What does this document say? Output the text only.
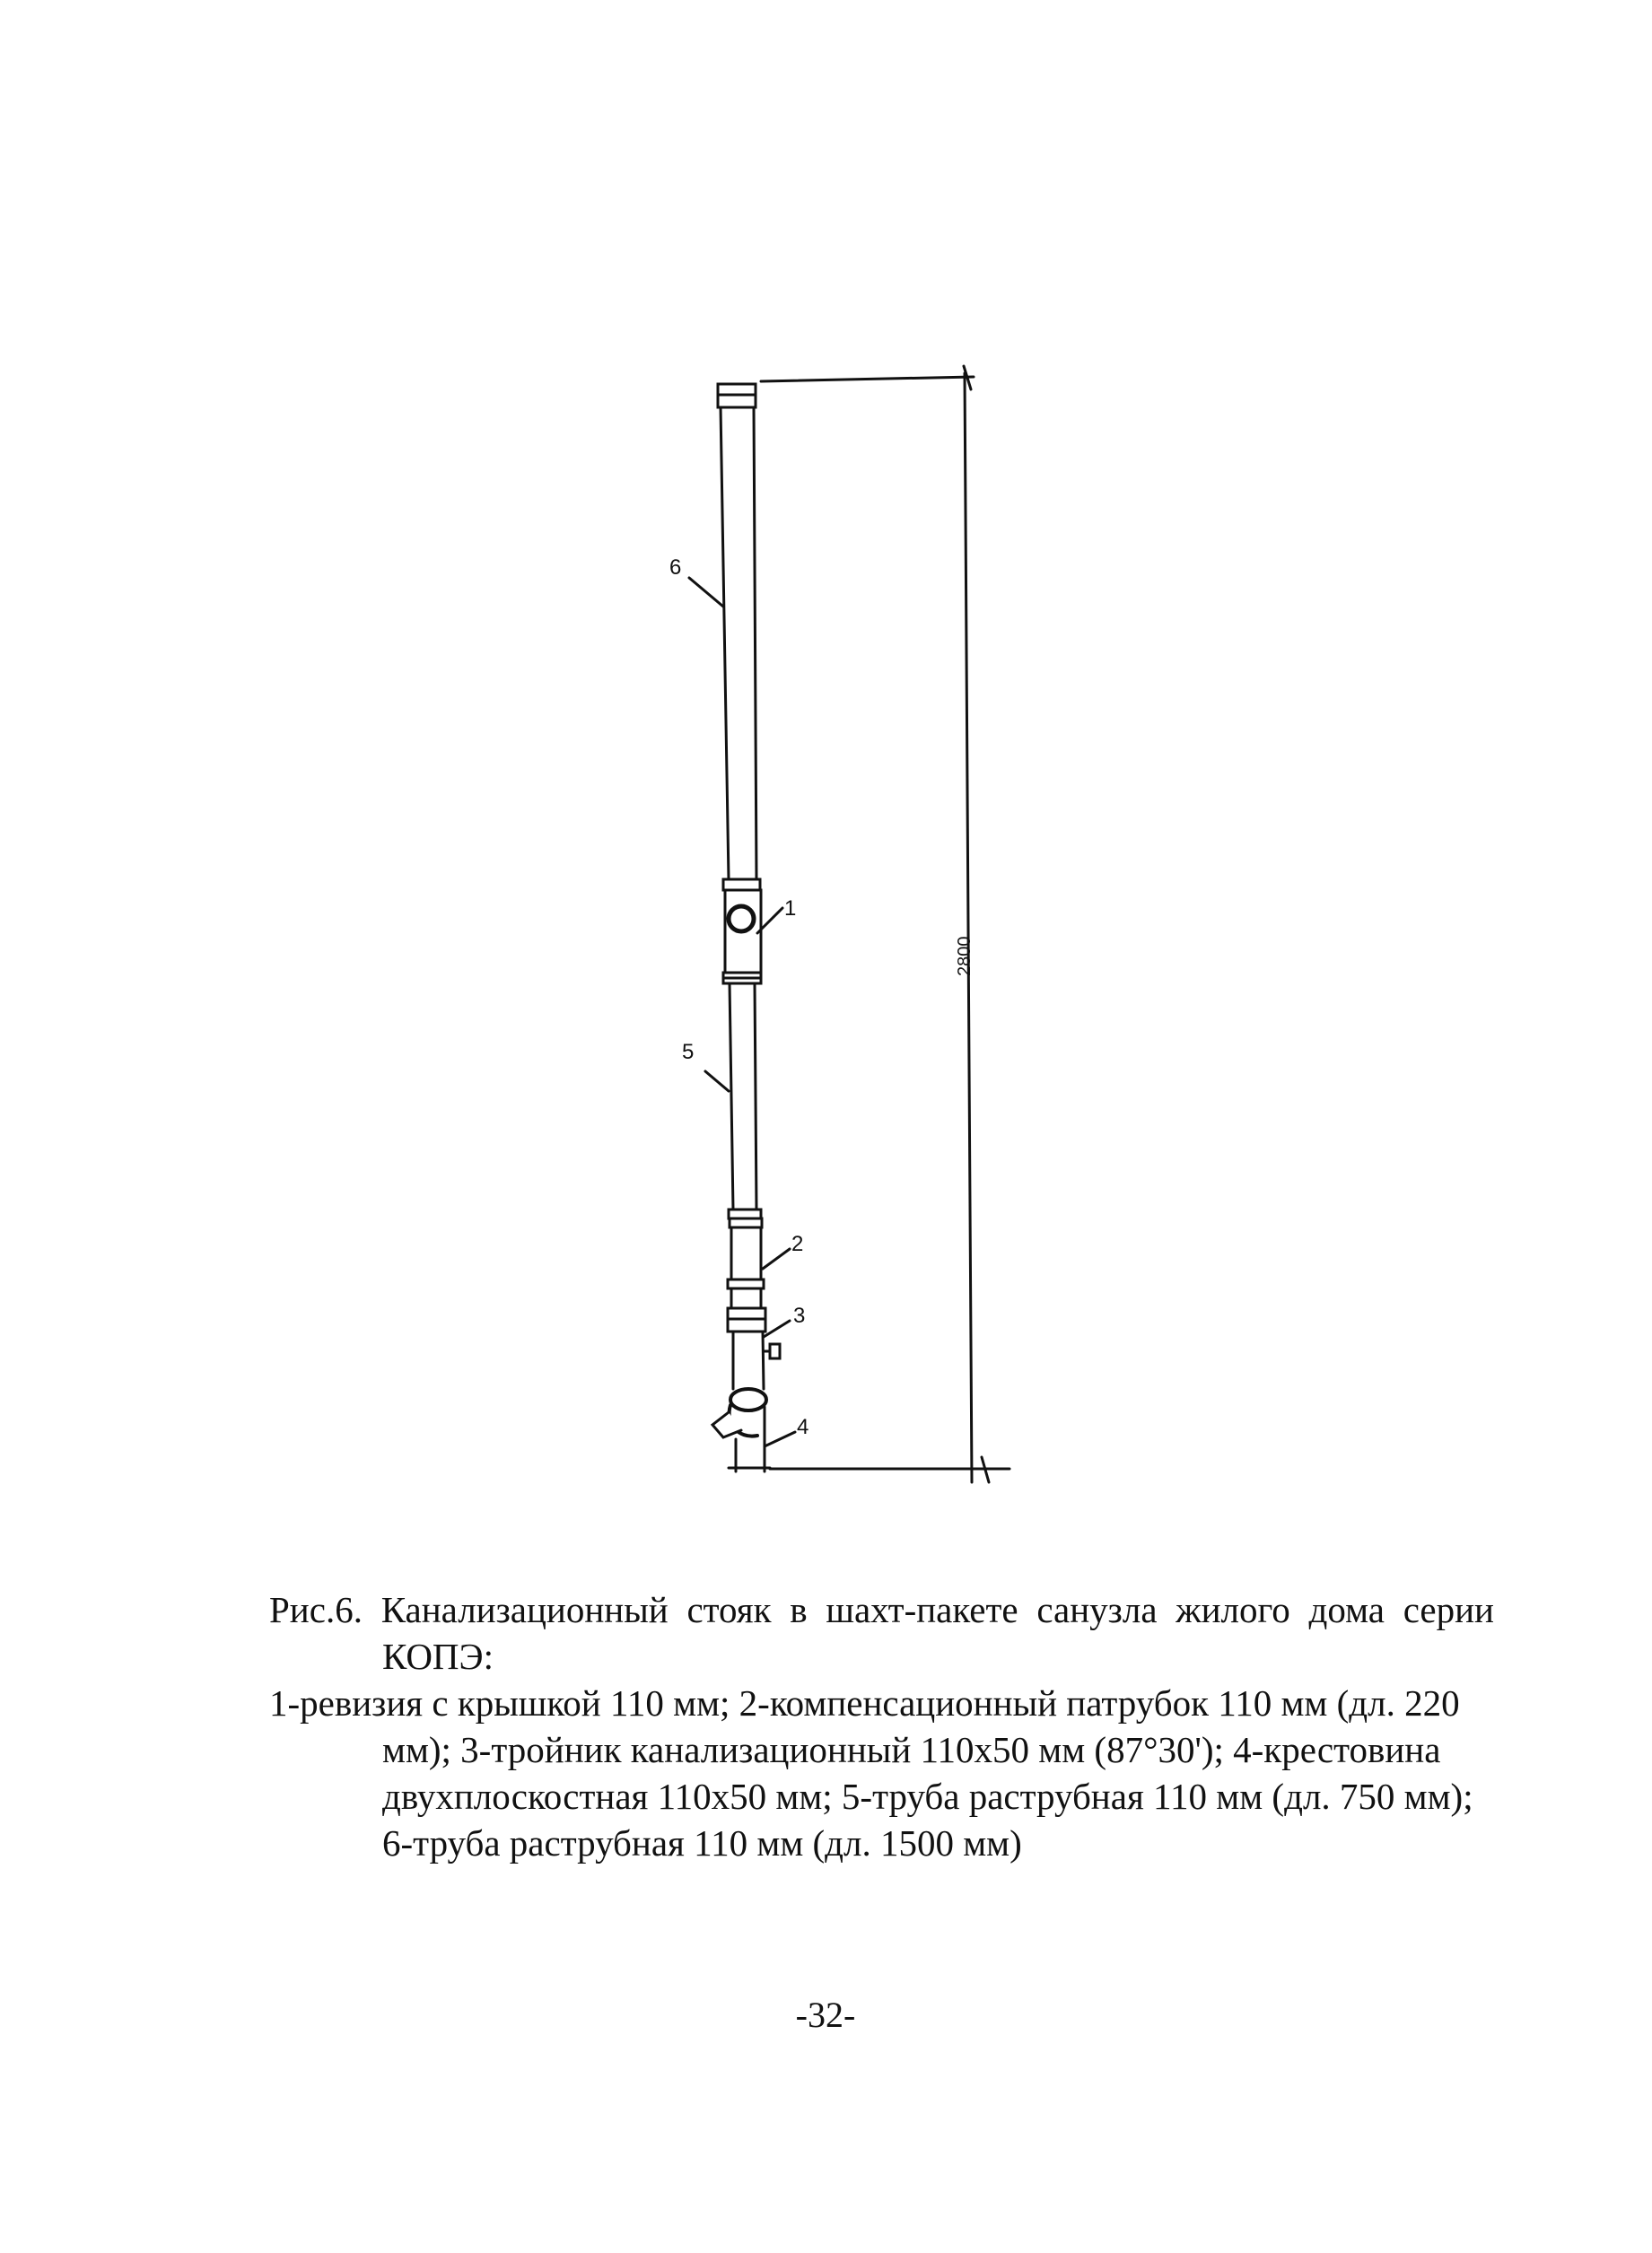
6
1
5
2
3
4
2800
Рис.6. Канализационный стояк в шахт-пакете санузла жилого дома серии
КОПЭ:
1-ревизия с крышкой 110 мм; 2-компенсационный патрубок 110 мм (дл. 220
мм); 3-тройник канализационный 110х50 мм (87°30'); 4-крестовина
двухплоскостная 110х50 мм; 5-труба раструбная 110 мм (дл. 750 мм);
6-труба раструбная 110 мм (дл. 1500 мм)
-32-
